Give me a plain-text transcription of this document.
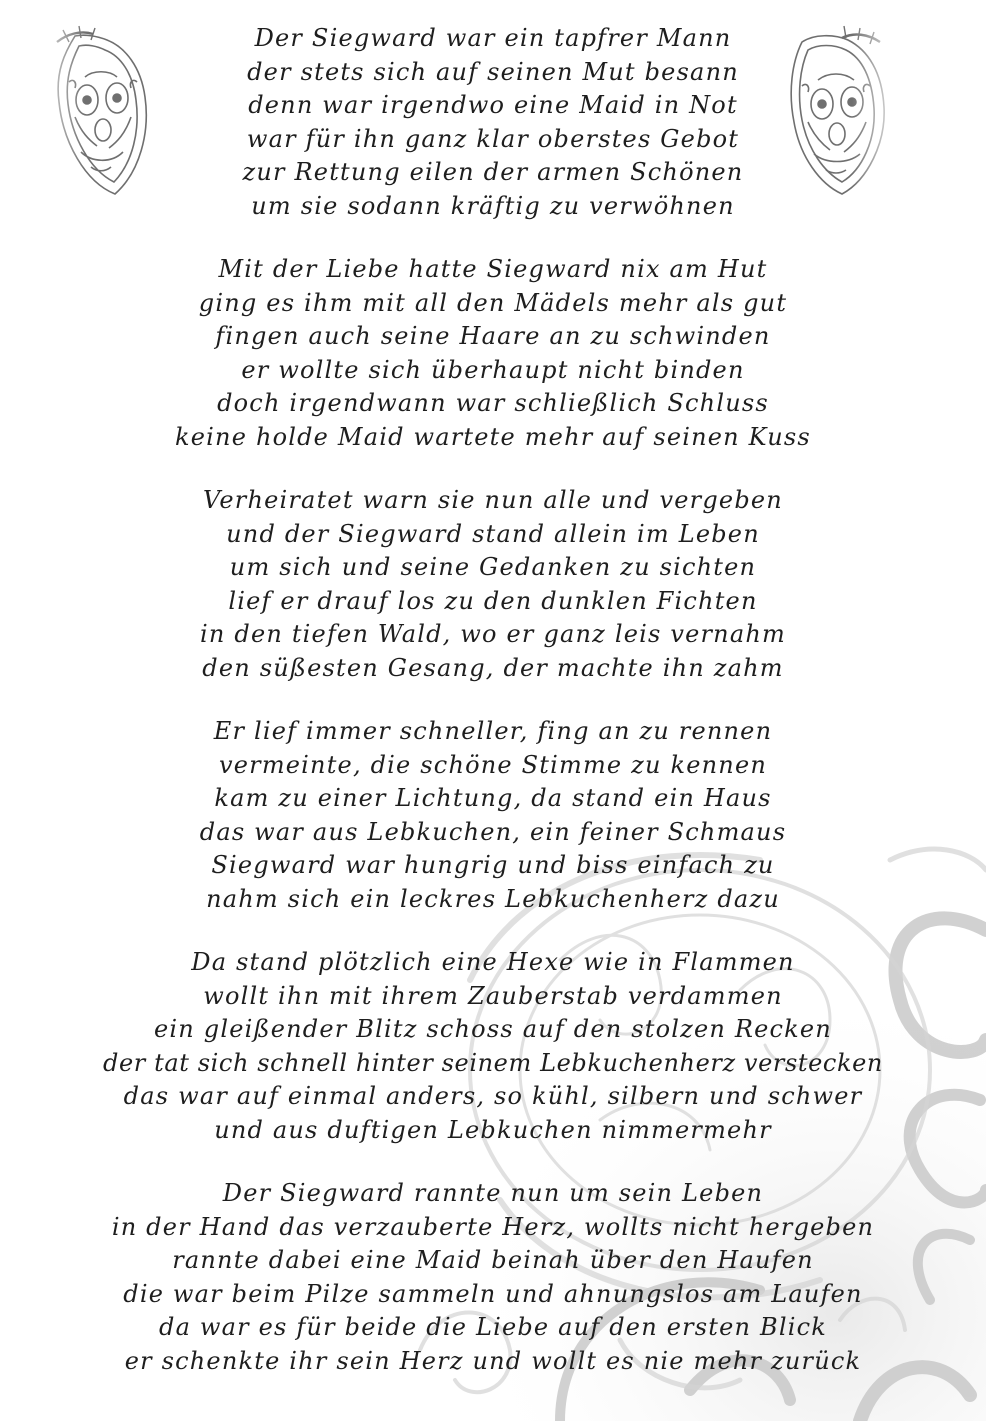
Der Siegward war ein tapfrer Mann
der stets sich auf seinen Mut besann
denn war irgendwo eine Maid in Not
war für ihn ganz klar oberstes Gebot
zur Rettung eilen der armen Schönen
um sie sodann kräftig zu verwöhnen
Mit der Liebe hatte Siegward nix am Hut
ging es ihm mit all den Mädels mehr als gut
fingen auch seine Haare an zu schwinden
er wollte sich überhaupt nicht binden
doch irgendwann war schließlich Schluss
keine holde Maid wartete mehr auf seinen Kuss
Verheiratet warn sie nun alle und vergeben
und der Siegward stand allein im Leben
um sich und seine Gedanken zu sichten
lief er drauf los zu den dunklen Fichten
in den tiefen Wald, wo er ganz leis vernahm
den süßesten Gesang, der machte ihn zahm
Er lief immer schneller, fing an zu rennen
vermeinte, die schöne Stimme zu kennen
kam zu einer Lichtung, da stand ein Haus
das war aus Lebkuchen, ein feiner Schmaus
Siegward war hungrig und biss einfach zu
nahm sich ein leckres Lebkuchenherz dazu
Da stand plötzlich eine Hexe wie in Flammen
wollt ihn mit ihrem Zauberstab verdammen
ein gleißender Blitz schoss auf den stolzen Recken
der tat sich schnell hinter seinem Lebkuchenherz verstecken
das war auf einmal anders, so kühl, silbern und schwer
und aus duftigen Lebkuchen nimmermehr
Der Siegward rannte nun um sein Leben
in der Hand das verzauberte Herz, wollts nicht hergeben
rannte dabei eine Maid beinah über den Haufen
die war beim Pilze sammeln und ahnungslos am Laufen
da war es für beide die Liebe auf den ersten Blick
er schenkte ihr sein Herz und wollt es nie mehr zurück
